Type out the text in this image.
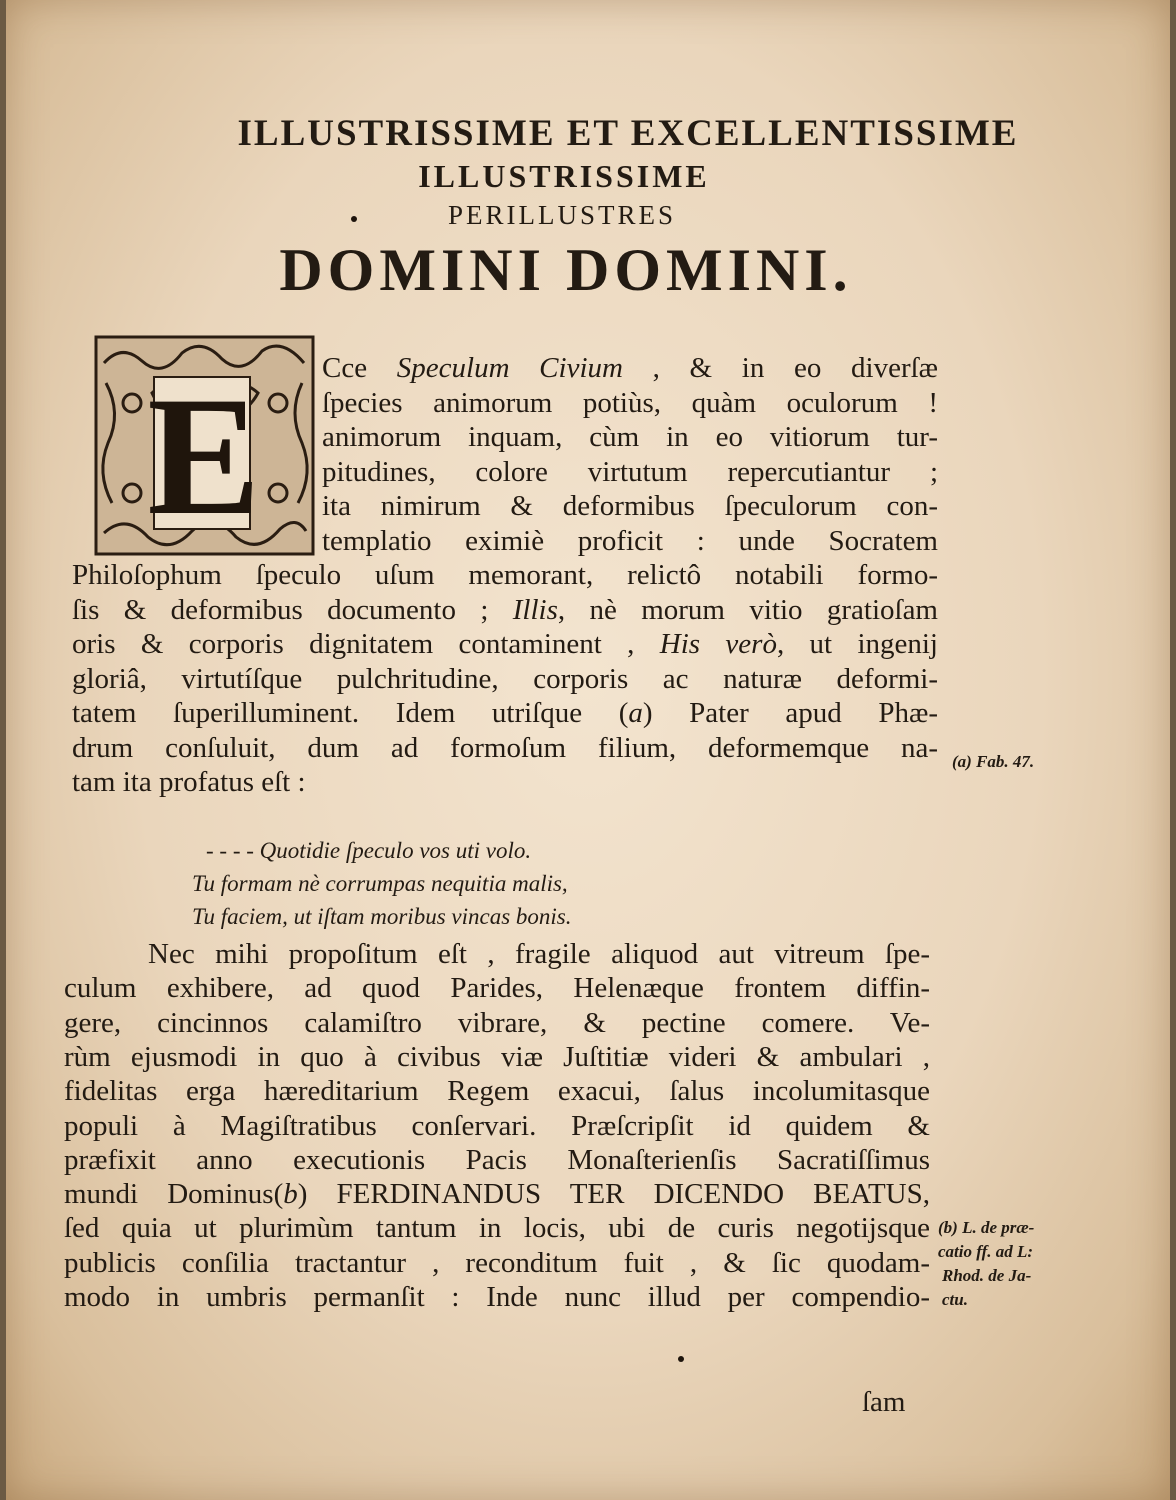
ILLUSTRISSIME ET EXCELLENTISSIME
ILLUSTRISSIME
PERILLUSTRES
DOMINI DOMINI.
E Cce Speculum Civium , & in eo diverſæ
ſpecies animorum potiùs, quàm oculorum !
animorum inquam, cùm in eo vitiorum tur-
pitudines, colore virtutum repercutiantur ;
ita nimirum & deformibus ſpeculorum con-
templatio eximiè proficit : unde Socratem
Philoſophum ſpeculo uſum memorant, relictô notabili formo-
ſis & deformibus documento ; Illis, nè morum vitio gratioſam
oris & corporis dignitatem contaminent , His verò, ut ingenij
gloriâ, virtutíſque pulchritudine, corporis ac naturæ deformi-
tatem ſuperilluminent. Idem utriſque (a) Pater apud Phæ-
drum conſuluit, dum ad formoſum filium, deformemque na-
tam ita profatus eſt :
- - - - Quotidie ſpeculo vos uti volo.
Tu formam nè corrumpas nequitia malis,
Tu faciem, ut iſtam moribus vincas bonis.
Nec mihi propoſitum eſt , fragile aliquod aut vitreum ſpe-
culum exhibere, ad quod Parides, Helenæque frontem diffin-
gere, cincinnos calamiſtro vibrare, & pectine comere. Ve-
rùm ejusmodi in quo à civibus viæ Juſtitiæ videri & ambulari ,
fidelitas erga hæreditarium Regem exacui, ſalus incolumitasque
populi à Magiſtratibus conſervari. Præſcripſit id quidem &
præfixit anno executionis Pacis Monaſterienſis Sacratiſſimus
mundi Dominus(b) FERDINANDUS TER DICENDO BEATUS,
ſed quia ut plurimùm tantum in locis, ubi de curis negotijsque
publicis conſilia tractantur , reconditum fuit , & ſic quodam-
modo in umbris permanſit : Inde nunc illud per compendio-
ſam
(a) Fab. 47.
(b) L. de præ-
catio ff. ad L:
Rhod. de Ja-
ctu.
